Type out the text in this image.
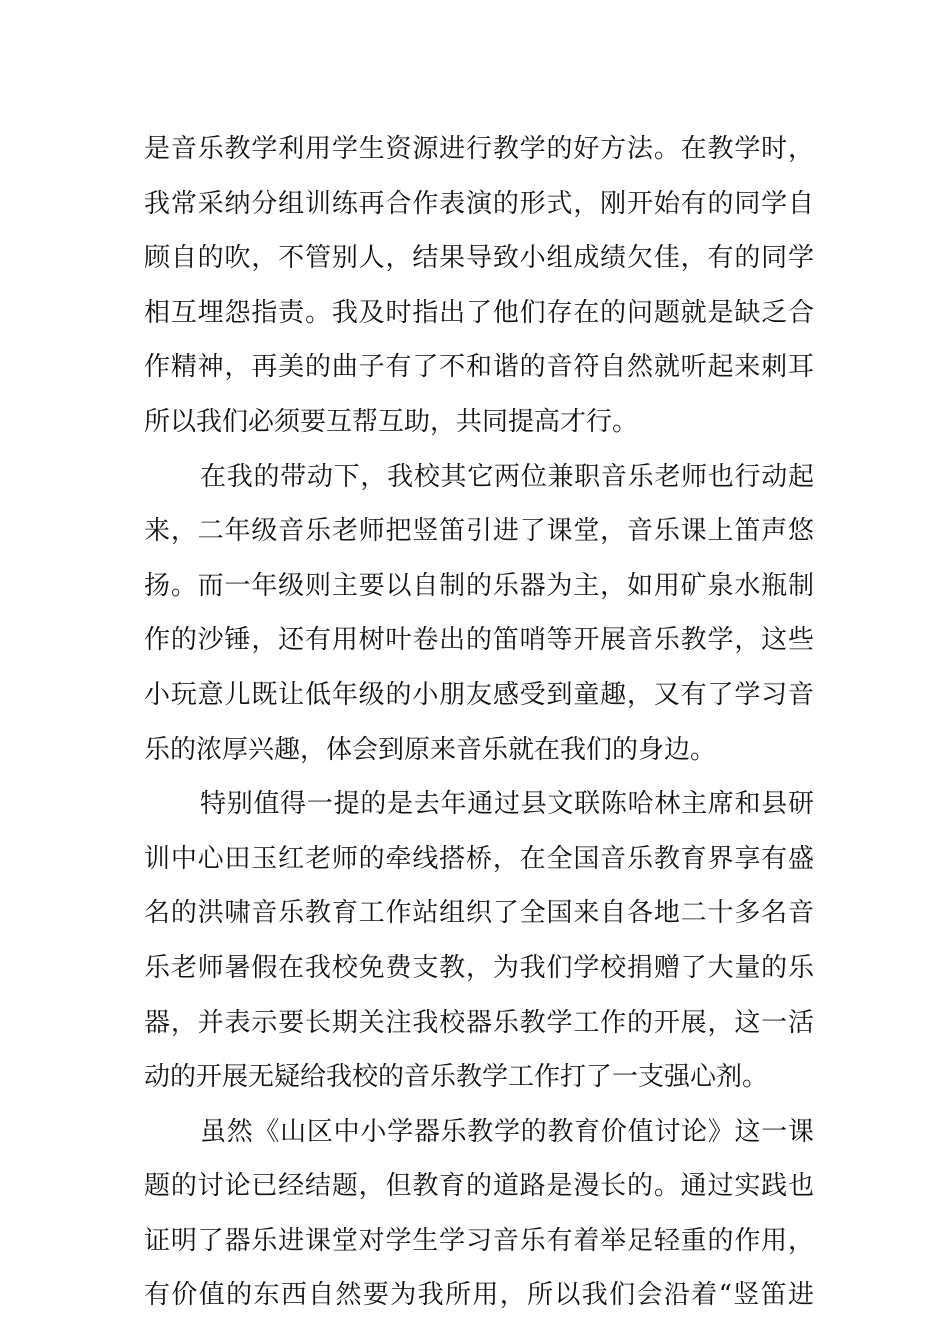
是音乐教学利用学生资源进行教学的好方法。在教学时，
我常采纳分组训练再合作表演的形式，刚开始有的同学自
顾自的吹，不管别人，结果导致小组成绩欠佳，有的同学
相互埋怨指责。我及时指出了他们存在的问题就是缺乏合
作精神，再美的曲子有了不和谐的音符自然就听起来刺耳
所以我们必须要互帮互助，共同提高才行。
在我的带动下，我校其它两位兼职音乐老师也行动起
来，二年级音乐老师把竖笛引进了课堂，音乐课上笛声悠
扬。而一年级则主要以自制的乐器为主，如用矿泉水瓶制
作的沙锤，还有用树叶卷出的笛哨等开展音乐教学，这些
小玩意儿既让低年级的小朋友感受到童趣，又有了学习音
乐的浓厚兴趣，体会到原来音乐就在我们的身边。
特别值得一提的是去年通过县文联陈哈林主席和县研
训中心田玉红老师的牵线搭桥，在全国音乐教育界享有盛
名的洪啸音乐教育工作站组织了全国来自各地二十多名音
乐老师暑假在我校免费支教，为我们学校捐赠了大量的乐
器，并表示要长期关注我校器乐教学工作的开展，这一活
动的开展无疑给我校的音乐教学工作打了一支强心剂。
虽然《山区中小学器乐教学的教育价值讨论》这一课
题的讨论已经结题，但教育的道路是漫长的。通过实践也
证明了器乐进课堂对学生学习音乐有着举足轻重的作用，
有价值的东西自然要为我所用，所以我们会沿着“竖笛进
